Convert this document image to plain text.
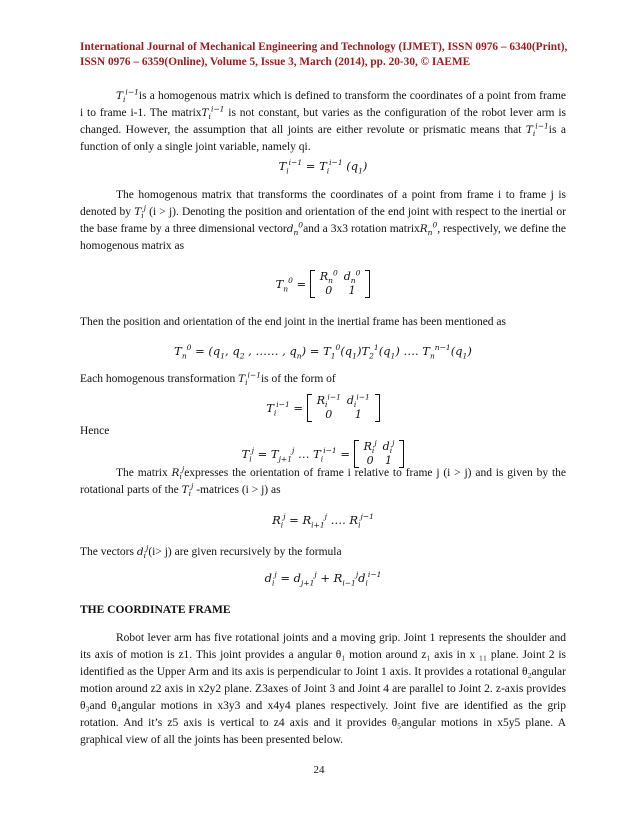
International Journal of Mechanical Engineering and Technology (IJMET), ISSN 0976 – 6340(Print),
ISSN 0976 – 6359(Online), Volume 5, Issue 3, March (2014), pp. 20-30, © IAEME

$T_i^{i-1}is$ a homogenous matrix which is defined to transform the coordinates of a point from frame i to frame i-1. The matrixT$_i^{i-1}$ is not constant, but varies as the configuration of the robot lever arm is changed. However, the assumption that all joints are either revolute or prismatic means that $T_i^{i-1}is$ a function of only a single joint variable, namely qi.

$T_i^{i-1} = T_i^{i-1}$ $(q_1)$

The homogenous matrix that transforms the coordinates of a point from frame i to frame j is denoted by $T_i^j$ (i > j). Denoting the position and orientation of the end joint with respect to the inertial or the base frame by a three dimensional vectord$_n^0$and a 3x3 rotation matrixR$_n^0$, respectively, we define the homogenous matrix as

$T_n^0 = R_n^0$	$d_n^0$
0	1

Then the position and orientation of the end joint in the inertial frame has been mentioned as

$T_n^0 = (q_1$, $q_2$ , …… , $q_n) = T_1^0(q_1)T_2^1(q_1)$ …. $T_n^{n-1}(q_1)$

Each homogenous transformation $T_i^{i-1}is$ of the form of

$T_i^{i-1} = R_i^{i-1}$	$d_i^{i-1}$
0	1

Hence

$T_i^j = T_{j+1}^j$ … $T_i^{i-1} = R_i^j$	$d_i^j$
0	1

The matrix $R_i^jexpresses$ the orientation of frame i relative to frame j (i > j) and is given by the rotational parts of the $T_i^j$ -matrices (i > j) as

$R_i^j = R_{i+1}^j$ …. $R_i^{j-1}$

The vectors $d_i^j(i> j)$ are given recursively by the formula

$d_i^j = d_{j+1}^j + R_{i-1}^jd_i^{i-1}$
THE COORDINATE FRAME

Robot lever arm has five rotational joints and a moving grip. Joint 1 represents the shoulder and its axis of motion is z1. This joint provides a angular θ₁ motion around z₁ axis in x ₁₁ plane. Joint 2 is identified as the Upper Arm and its axis is perpendicular to Joint 1 axis. It provides a rotational θ₂angular motion around z2 axis in x2y2 plane. Z3axes of Joint 3 and Joint 4 are parallel to Joint 2. z-axis provides θ₃and θ₄angular motions in x3y3 and x4y4 planes respectively. Joint five are identified as the grip rotation. And it’s z5 axis is vertical to z4 axis and it provides θ₅angular motions in x5y5 plane. A graphical view of all the joints has been presented below.

24
